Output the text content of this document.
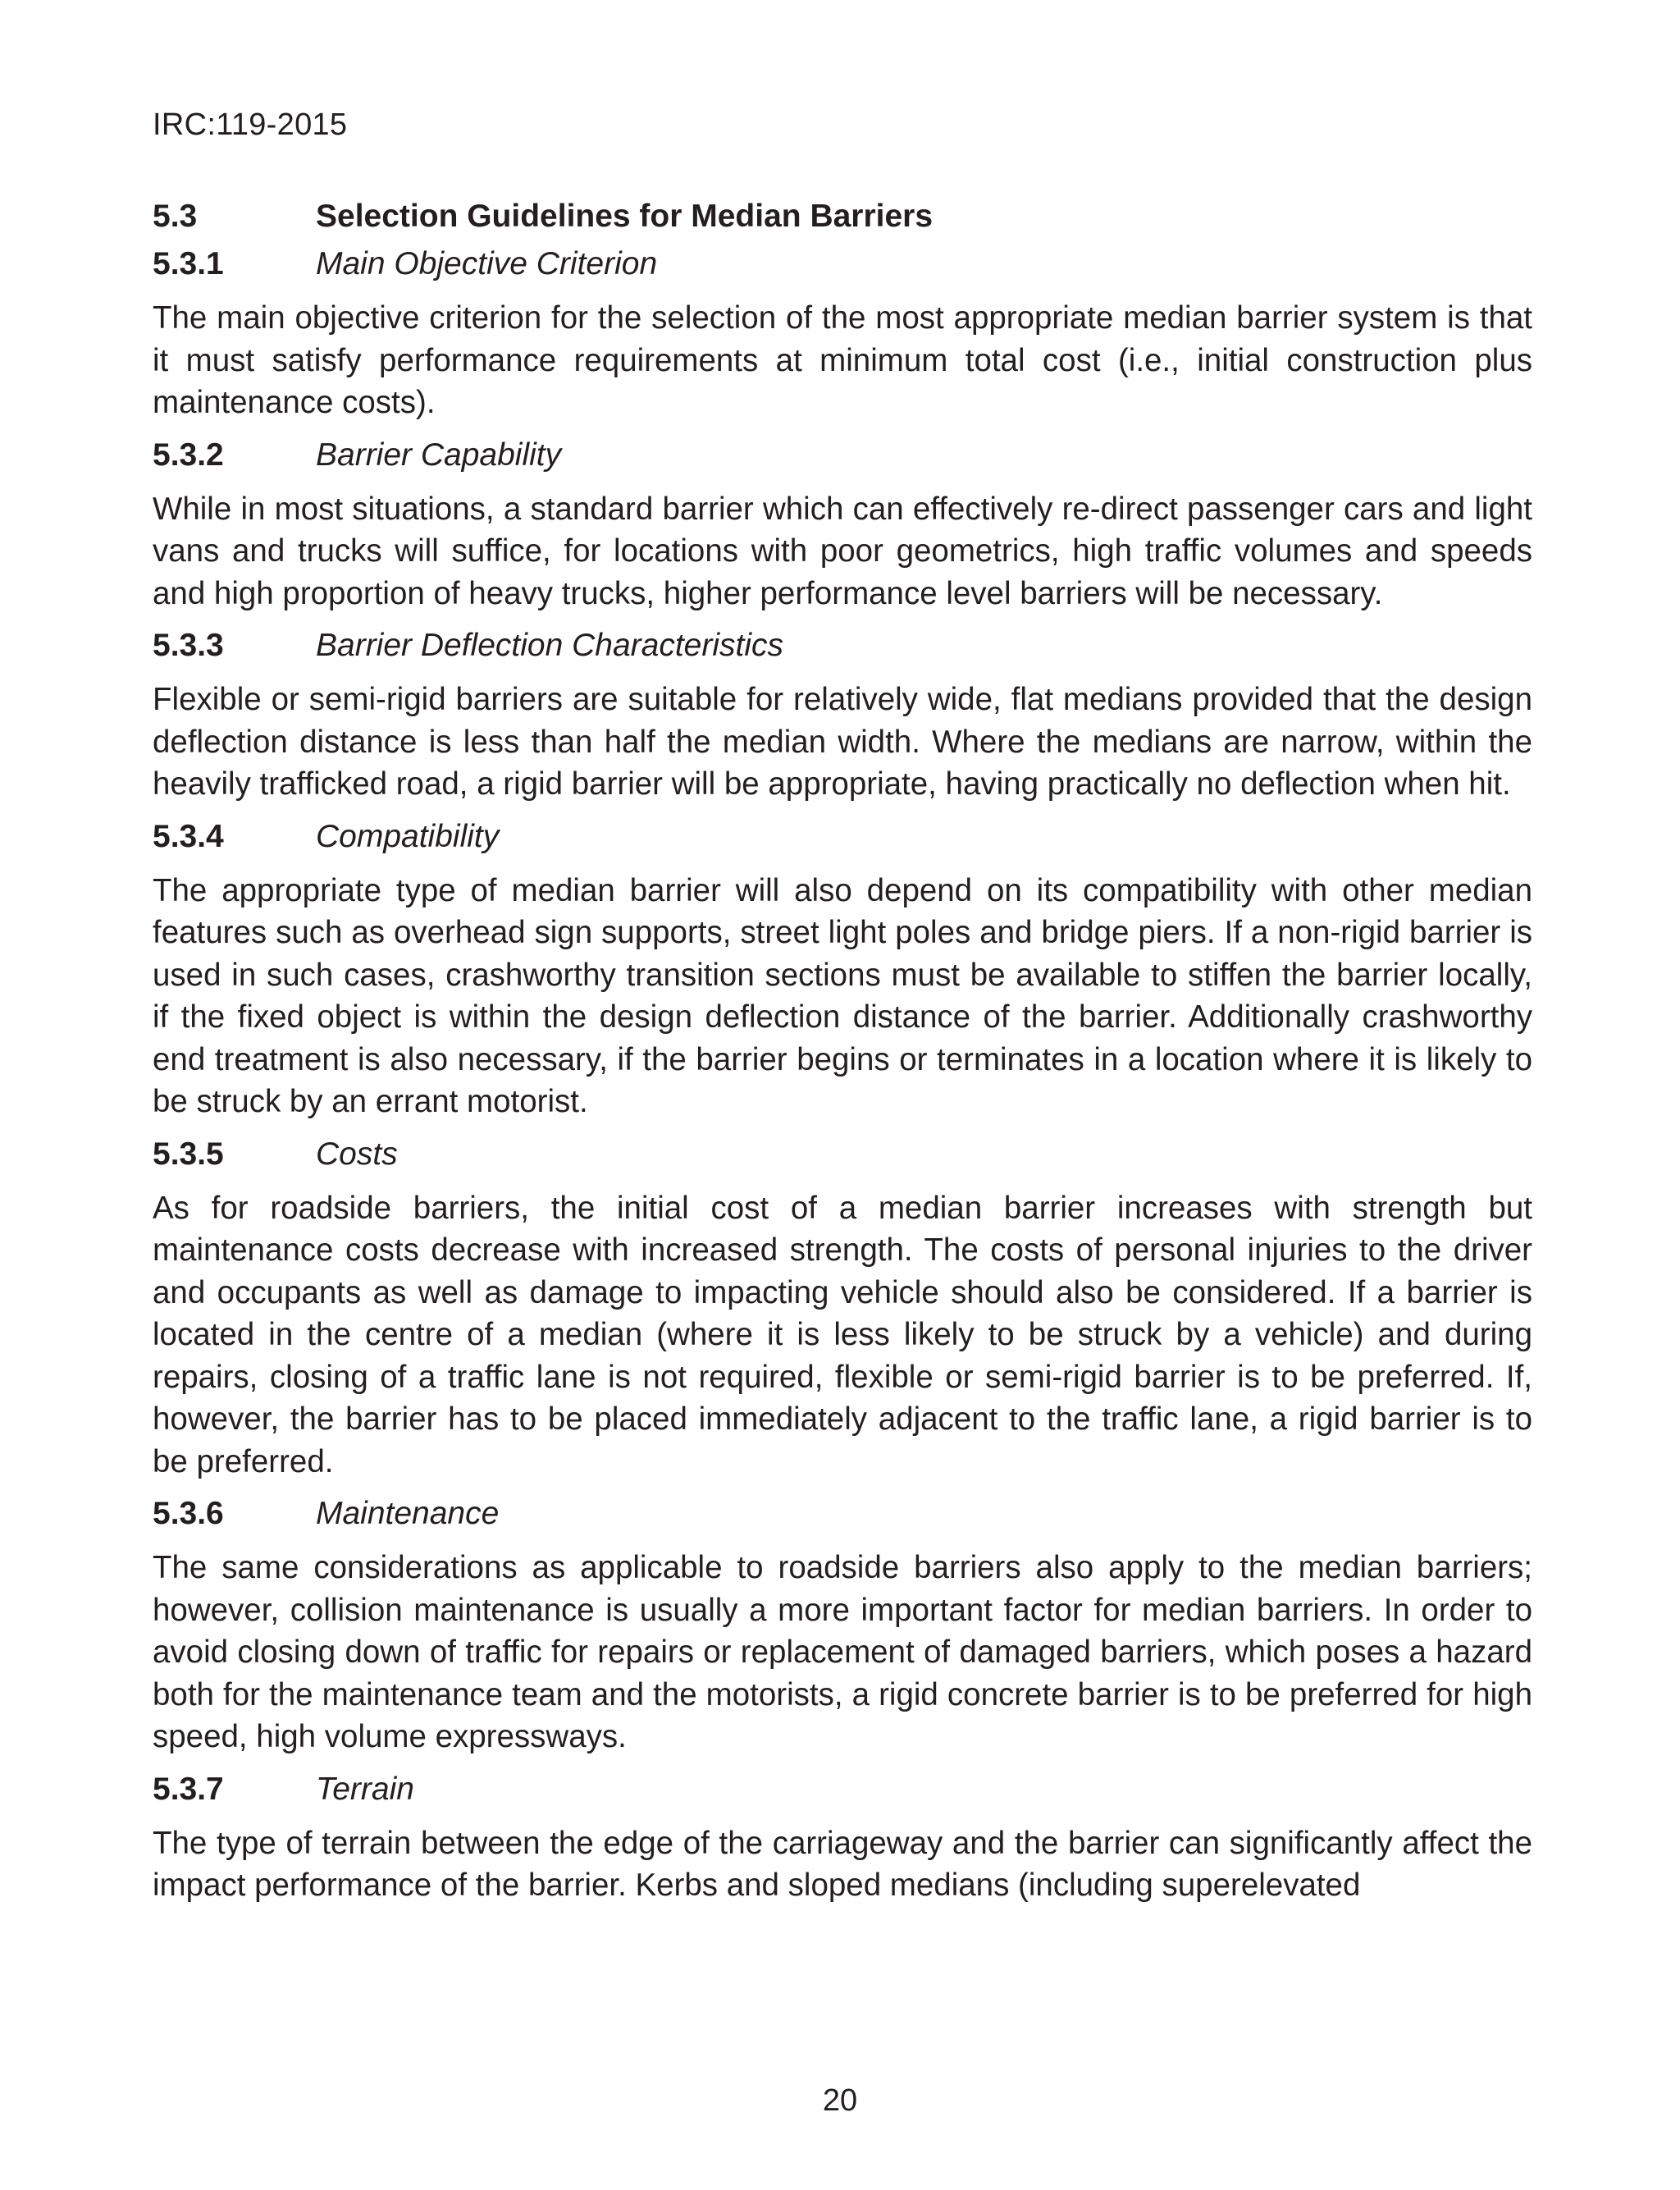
IRC:119-2015
5.3	Selection Guidelines for Median Barriers
5.3.1	Main Objective Criterion

The main objective criterion for the selection of the most appropriate median barrier system is that it must satisfy performance requirements at minimum total cost (i.e., initial construction plus maintenance costs).

5.3.2	Barrier Capability

While in most situations, a standard barrier which can effectively re-direct passenger cars and light vans and trucks will suffice, for locations with poor geometrics, high traffic volumes and speeds and high proportion of heavy trucks, higher performance level barriers will be necessary.

5.3.3	Barrier Deflection Characteristics

Flexible or semi-rigid barriers are suitable for relatively wide, flat medians provided that the design deflection distance is less than half the median width. Where the medians are narrow, within the heavily trafficked road, a rigid barrier will be appropriate, having practically no deflection when hit.

5.3.4	Compatibility

The appropriate type of median barrier will also depend on its compatibility with other median features such as overhead sign supports, street light poles and bridge piers. If a non-rigid barrier is used in such cases, crashworthy transition sections must be available to stiffen the barrier locally, if the fixed object is within the design deflection distance of the barrier. Additionally crashworthy end treatment is also necessary, if the barrier begins or terminates in a location where it is likely to be struck by an errant motorist.

5.3.5	Costs

As for roadside barriers, the initial cost of a median barrier increases with strength but maintenance costs decrease with increased strength. The costs of personal injuries to the driver and occupants as well as damage to impacting vehicle should also be considered. If a barrier is located in the centre of a median (where it is less likely to be struck by a vehicle) and during repairs, closing of a traffic lane is not required, flexible or semi-rigid barrier is to be preferred. If, however, the barrier has to be placed immediately adjacent to the traffic lane, a rigid barrier is to be preferred.

5.3.6	Maintenance

The same considerations as applicable to roadside barriers also apply to the median barriers; however, collision maintenance is usually a more important factor for median barriers. In order to avoid closing down of traffic for repairs or replacement of damaged barriers, which poses a hazard both for the maintenance team and the motorists, a rigid concrete barrier is to be preferred for high speed, high volume expressways.

5.3.7	Terrain

The type of terrain between the edge of the carriageway and the barrier can significantly affect the impact performance of the barrier. Kerbs and sloped medians (including superelevated

20
